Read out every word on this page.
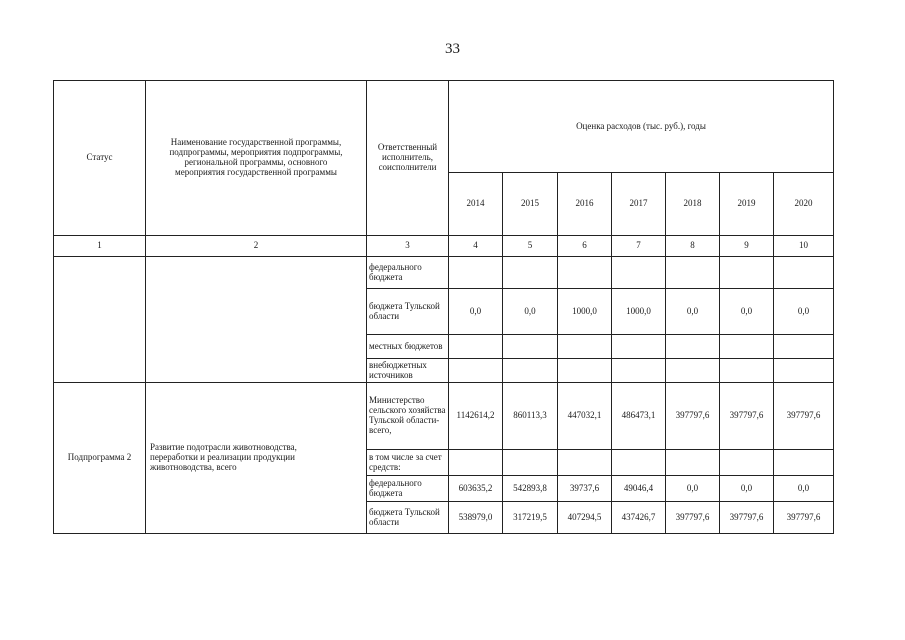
33
Статус	Наименование государственной программы, подпрограммы, мероприятия подпрограммы, региональной программы, основного мероприятия государственной программы	Ответственный исполнитель, соисполнители	Оценка расходов (тыс. руб.), годы						
			2014	2015	2016	2017	2018	2019	2020
1	2	3	4	5	6	7	8	9	10
		федерального бюджета							
		бюджета Тульской области	0,0	0,0	1000,0	1000,0	0,0	0,0	0,0
		местных бюджетов							
		внебюджетных источников							
Подпрограмма 2	Развитие подотрасли животноводства, переработки и реализации продукции животноводства, всего	Министерство сельского хозяйства Тульской области- всего,	1142614,2	860113,3	447032,1	486473,1	397797,6	397797,6	397797,6
		в том числе за счет средств:							
		федерального бюджета	603635,2	542893,8	39737,6	49046,4	0,0	0,0	0,0
		бюджета Тульской области	538979,0	317219,5	407294,5	437426,7	397797,6	397797,6	397797,6
